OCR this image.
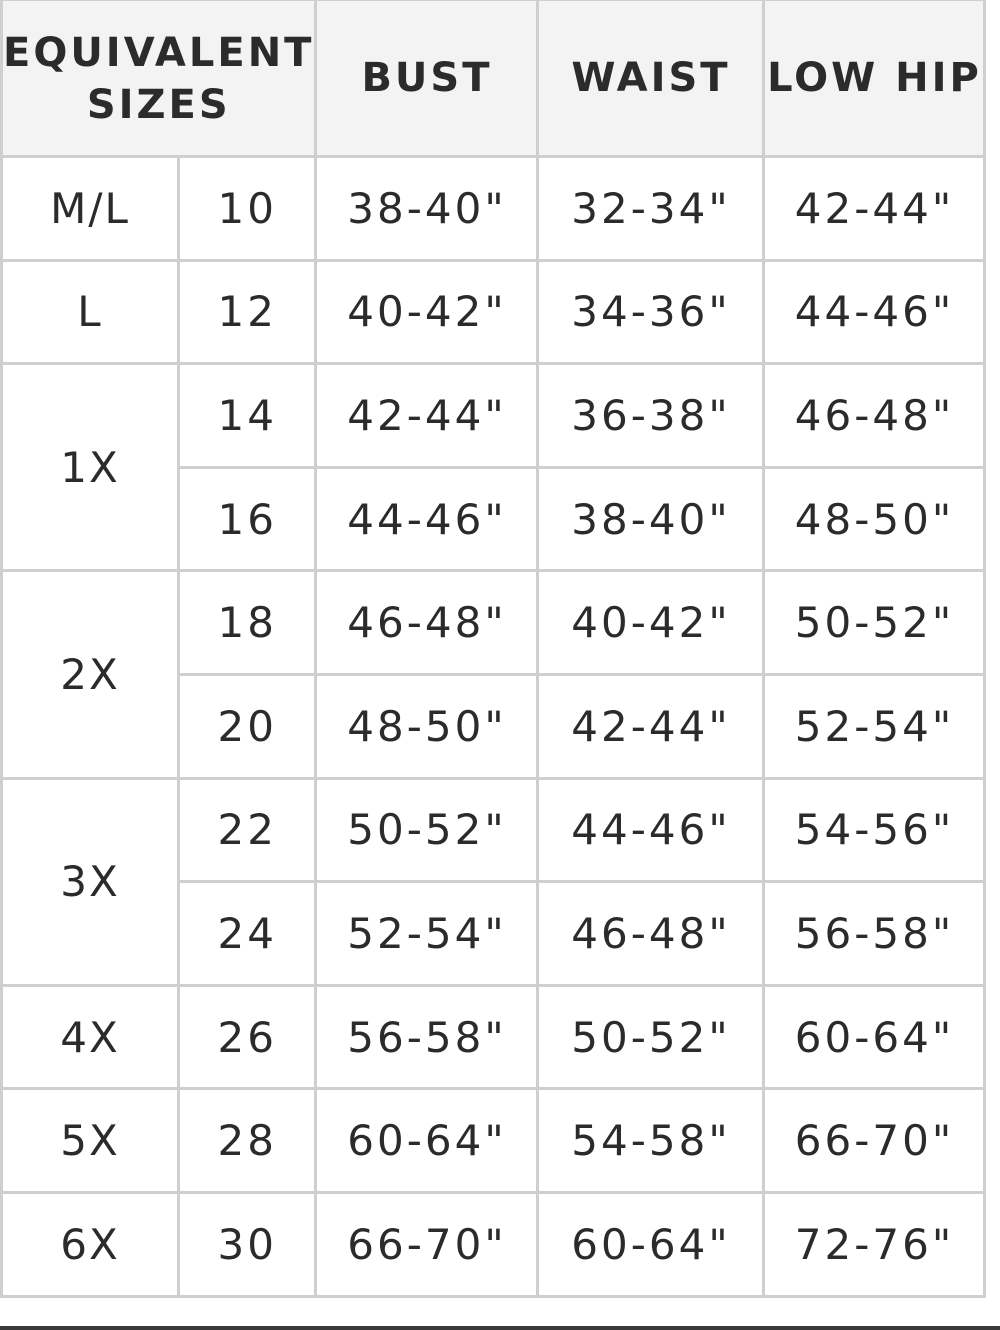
EQUIVALENT
SIZES		BUST	WAIST	LOW HIP
M/L	10	38-40"	32-34"	42-44"
L	12	40-42"	34-36"	44-46"
1X	14	42-44"	36-38"	46-48"
	16	44-46"	38-40"	48-50"
2X	18	46-48"	40-42"	50-52"
	20	48-50"	42-44"	52-54"
3X	22	50-52"	44-46"	54-56"
	24	52-54"	46-48"	56-58"
4X	26	56-58"	50-52"	60-64"
5X	28	60-64"	54-58"	66-70"
6X	30	66-70"	60-64"	72-76"
